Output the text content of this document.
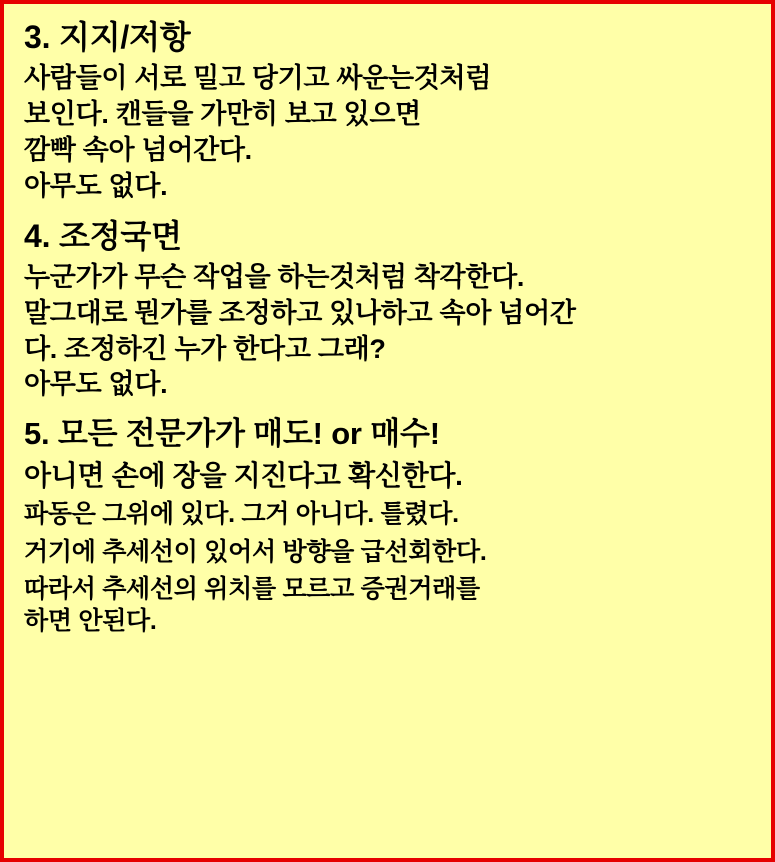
3. 지지/저항
사람들이 서로 밀고 당기고 싸운는것처럼
보인다. 캔들을 가만히 보고 있으면
깜빡 속아 넘어간다.
아무도 없다.
4. 조정국면
누군가가 무슨 작업을 하는것처럼 착각한다.
말그대로 뭔가를 조정하고 있나하고 속아 넘어간
다. 조정하긴 누가 한다고 그래?
아무도 없다.
5. 모든 전문가가 매도! or 매수!
아니면 손에 장을 지진다고 확신한다.
파동은 그위에 있다. 그거 아니다. 틀렸다.
거기에 추세선이 있어서 방향을 급선회한다.
따라서 추세선의 위치를 모르고 증권거래를
하면 안된다.
